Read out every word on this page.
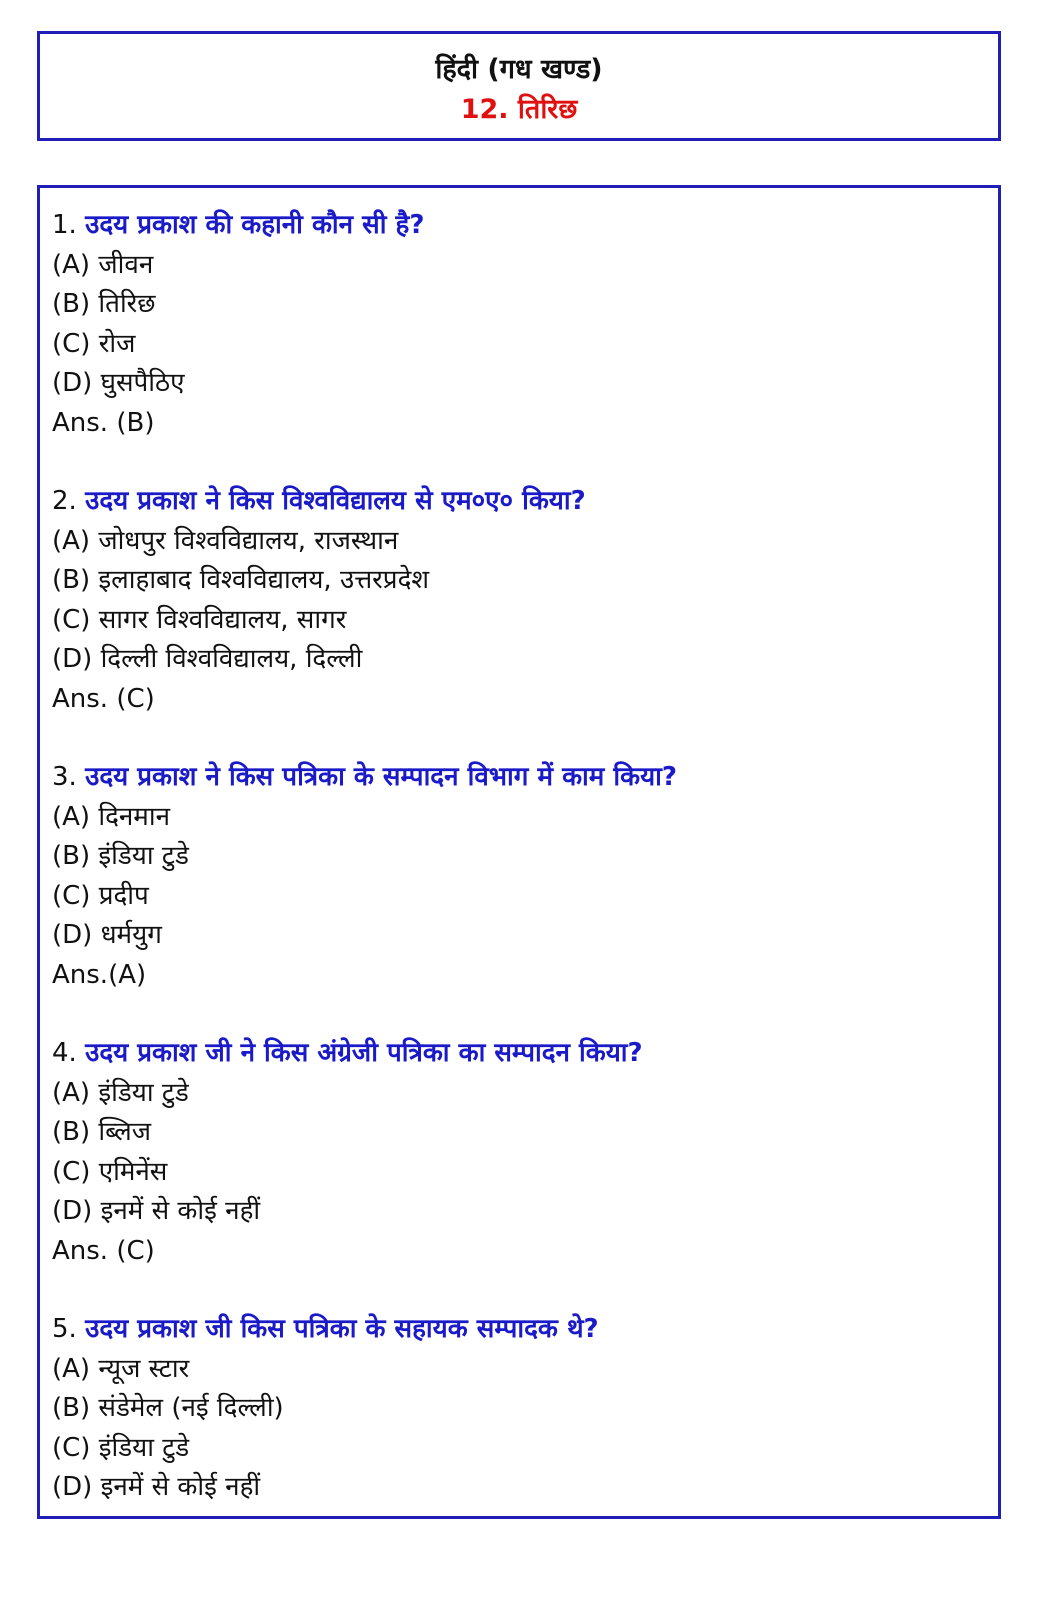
हिंदी (गध खण्ड)
12. तिरिछ
1. उदय प्रकाश की कहानी कौन सी है?
(A) जीवन
(B) तिरिछ
(C) रोज
(D) घुसपैठिए
Ans. (B)
2. उदय प्रकाश ने किस विश्वविद्यालय से एम०ए० किया?
(A) जोधपुर विश्वविद्यालय, राजस्थान
(B) इलाहाबाद विश्वविद्यालय, उत्तरप्रदेश
(C) सागर विश्वविद्यालय, सागर
(D) दिल्ली विश्वविद्यालय, दिल्ली
Ans. (C)
3. उदय प्रकाश ने किस पत्रिका के सम्पादन विभाग में काम किया?
(A) दिनमान
(B) इंडिया टुडे
(C) प्रदीप
(D) धर्मयुग
Ans.(A)
4. उदय प्रकाश जी ने किस अंग्रेजी पत्रिका का सम्पादन किया?
(A) इंडिया टुडे
(B) ब्लिज
(C) एमिनेंस
(D) इनमें से कोई नहीं
Ans. (C)
5. उदय प्रकाश जी किस पत्रिका के सहायक सम्पादक थे?
(A) न्यूज स्टार
(B) संडेमेल (नई दिल्ली)
(C) इंडिया टुडे
(D) इनमें से कोई नहीं
